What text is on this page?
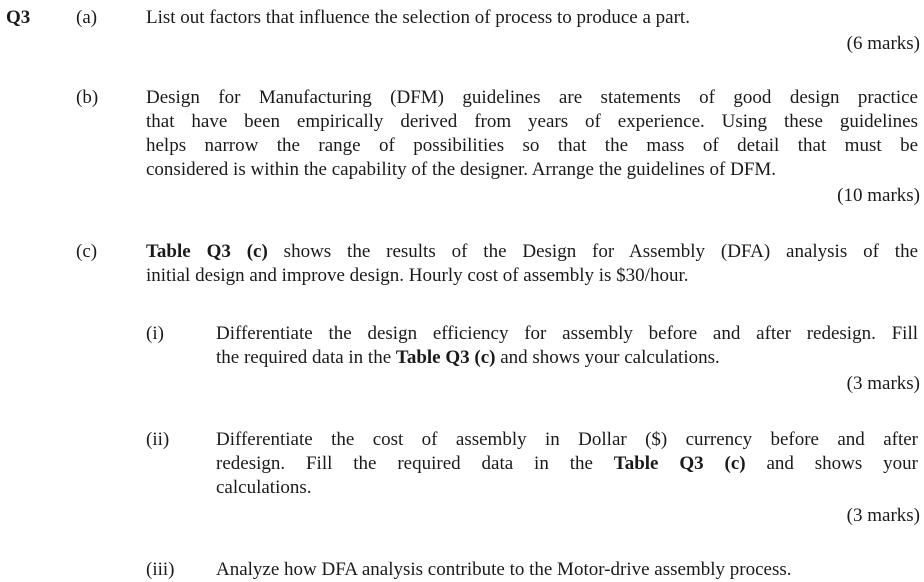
Q3 (a)	List out factors that influence the selection of process to produce a part.
(6 marks)
(b)	Design for Manufacturing (DFM) guidelines are statements of good design practice
that have been empirically derived from years of experience. Using these guidelines
helps narrow the range of possibilities so that the mass of detail that must be
considered is within the capability of the designer. Arrange the guidelines of DFM.
(10 marks)
(c)	Table Q3 (c) shows the results of the Design for Assembly (DFA) analysis of the
initial design and improve design. Hourly cost of assembly is $30/hour.
(i)	Differentiate the design efficiency for assembly before and after redesign. Fill
the required data in the Table Q3 (c) and shows your calculations.
(3 marks)
(ii) Differentiate the cost of assembly in Dollar ($) currency before and after
redesign. Fill the required data in the Table Q3 (c) and shows your
calculations.
(3 marks)
(iii) Analyze how DFA analysis contribute to the Motor-drive assembly process.
